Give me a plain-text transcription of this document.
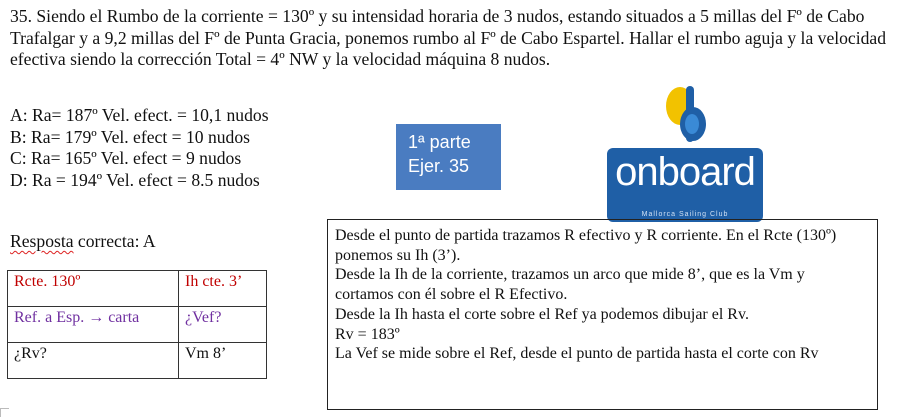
35. Siendo el Rumbo de la corriente = 130º y su intensidad horaria de 3 nudos, estando situados a 5 millas del Fº de Cabo Trafalgar y a 9,2 millas del Fº de Punta Gracia, ponemos rumbo al Fº de Cabo Espartel. Hallar el rumbo aguja y la velocidad efectiva siendo la corrección Total = 4º NW y la velocidad máquina 8 nudos.
A: Ra= 187º Vel. efect. = 10,1 nudos
B: Ra= 179º Vel. efect = 10 nudos
C: Ra= 165º Vel. efect = 9 nudos
D: Ra = 194º Vel. efect = 8.5 nudos
1ª parte
Ejer. 35	onboard
Mallorca Sailing Club
Resposta correcta: A
Rcte. 130º	Ih cte. 3’
Ref. a Esp. → carta	¿Vef?
¿Rv?	Vm 8’
Desde el punto de partida trazamos R efectivo y R corriente. En el Rcte (130º) ponemos su Ih (3’).
Desde la Ih de la corriente, trazamos un arco que mide 8’, que es la Vm y cortamos con él sobre el R Efectivo.
Desde la Ih hasta el corte sobre el Ref ya podemos dibujar el Rv.
Rv = 183º
La Vef se mide sobre el Ref, desde el punto de partida hasta el corte con Rv
